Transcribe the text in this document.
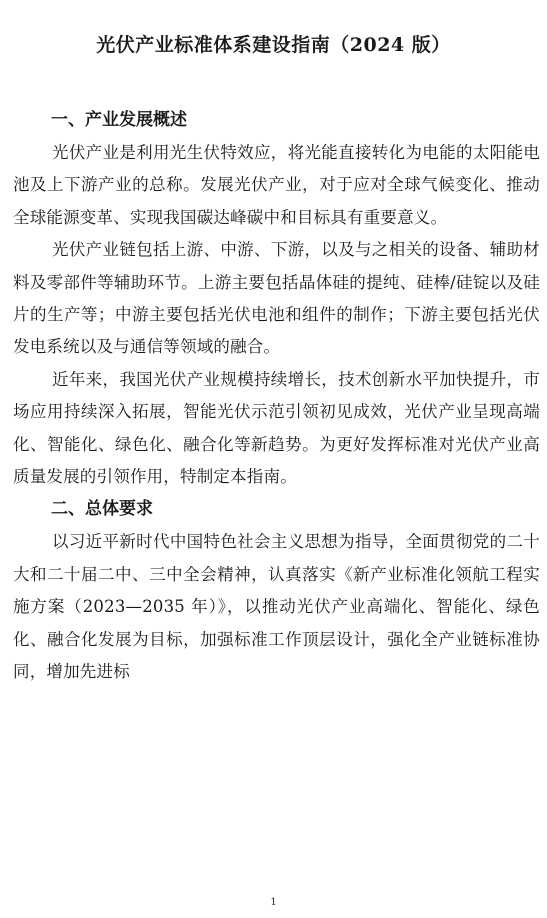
光伏产业标准体系建设指南（2024 版）
一、产业发展概述

光伏产业是利用光生伏特效应，将光能直接转化为电能的太阳能电池及上下游产业的总称。发展光伏产业，对于应对全球气候变化、推动全球能源变革、实现我国碳达峰碳中和目标具有重要意义。

光伏产业链包括上游、中游、下游，以及与之相关的设备、辅助材料及零部件等辅助环节。上游主要包括晶体硅的提纯、硅棒/硅锭以及硅片的生产等；中游主要包括光伏电池和组件的制作；下游主要包括光伏发电系统以及与通信等领域的融合。

近年来，我国光伏产业规模持续增长，技术创新水平加快提升，市场应用持续深入拓展，智能光伏示范引领初见成效，光伏产业呈现高端化、智能化、绿色化、融合化等新趋势。为更好发挥标准对光伏产业高质量发展的引领作用，特制定本指南。

二、总体要求

以习近平新时代中国特色社会主义思想为指导，全面贯彻党的二十大和二十届二中、三中全会精神，认真落实《新产业标准化领航工程实施方案（2023—2035 年）》，以推动光伏产业高端化、智能化、绿色化、融合化发展为目标，加强标准工作顶层设计，强化全产业链标准协同，增加先进标

1
